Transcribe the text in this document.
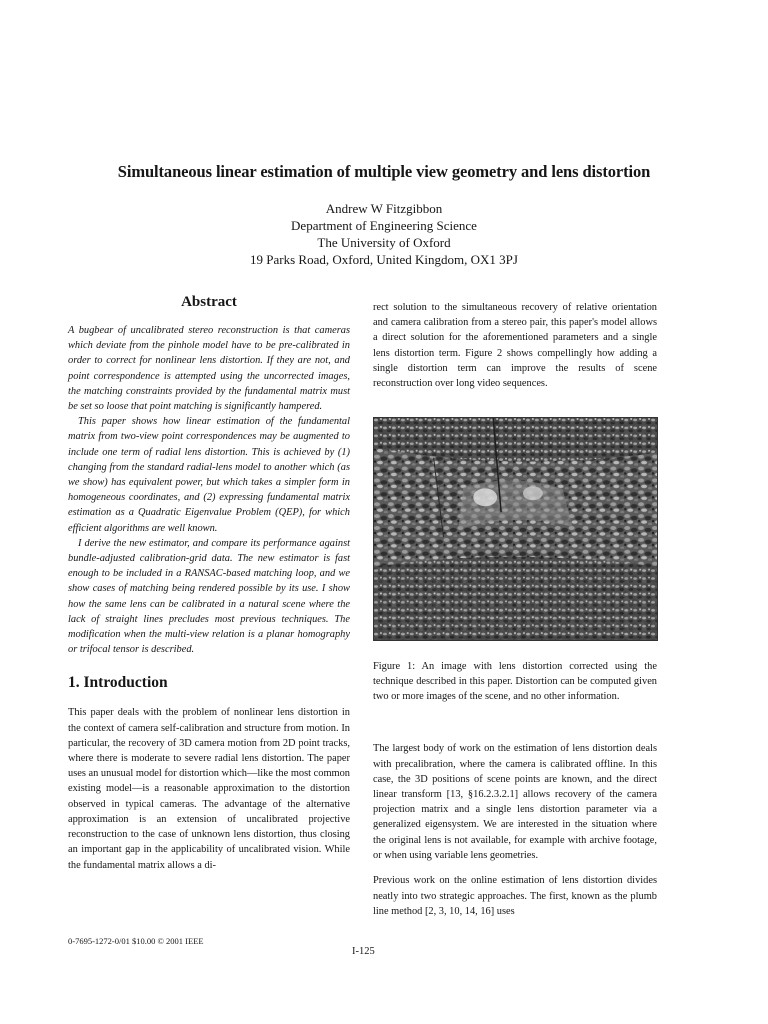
Simultaneous linear estimation of multiple view geometry and lens distortion
Andrew W Fitzgibbon
Department of Engineering Science
The University of Oxford
19 Parks Road, Oxford, United Kingdom, OX1 3PJ
Abstract

A bugbear of uncalibrated stereo reconstruction is that cameras which deviate from the pinhole model have to be pre-calibrated in order to correct for nonlinear lens distortion. If they are not, and point correspondence is attempted using the uncorrected images, the matching constraints provided by the fundamental matrix must be set so loose that point matching is significantly hampered.

This paper shows how linear estimation of the fundamental matrix from two-view point correspondences may be augmented to include one term of radial lens distortion. This is achieved by (1) changing from the standard radial-lens model to another which (as we show) has equivalent power, but which takes a simpler form in homogeneous coordinates, and (2) expressing fundamental matrix estimation as a Quadratic Eigenvalue Problem (QEP), for which efficient algorithms are well known.

I derive the new estimator, and compare its performance against bundle-adjusted calibration-grid data. The new estimator is fast enough to be included in a RANSAC-based matching loop, and we show cases of matching being rendered possible by its use. I show how the same lens can be calibrated in a natural scene where the lack of straight lines precludes most previous techniques. The modification when the multi-view relation is a planar homography or trifocal tensor is described.

1. Introduction

This paper deals with the problem of nonlinear lens distortion in the context of camera self-calibration and structure from motion. In particular, the recovery of 3D camera motion from 2D point tracks, where there is moderate to severe radial lens distortion. The paper uses an unusual model for distortion which—like the most common existing model—is a reasonable approximation to the distortion observed in typical cameras. The advantage of the alternative approximation is an extension of uncalibrated projective reconstruction to the case of unknown lens distortion, thus closing an important gap in the applicability of uncalibrated vision. While the fundamental matrix allows a di-

rect solution to the simultaneous recovery of relative orientation and camera calibration from a stereo pair, this paper's model allows a direct solution for the aforementioned parameters and a single lens distortion term. Figure 2 shows compellingly how adding a single distortion term can improve the results of scene reconstruction over long video sequences.

Figure 1: An image with lens distortion corrected using the technique described in this paper. Distortion can be computed given two or more images of the scene, and no other information.

The largest body of work on the estimation of lens distortion deals with precalibration, where the camera is calibrated offline. In this case, the 3D positions of scene points are known, and the direct linear transform [13, §16.2.3.2.1] allows recovery of the camera projection matrix and a single lens distortion parameter via a generalized eigensystem. We are interested in the situation where the original lens is not available, for example with archive footage, or when using variable lens geometries.

Previous work on the online estimation of lens distortion divides neatly into two strategic approaches. The first, known as the plumb line method [2, 3, 10, 14, 16] uses

0-7695-1272-0/01 $10.00 © 2001 IEEE
I-125
